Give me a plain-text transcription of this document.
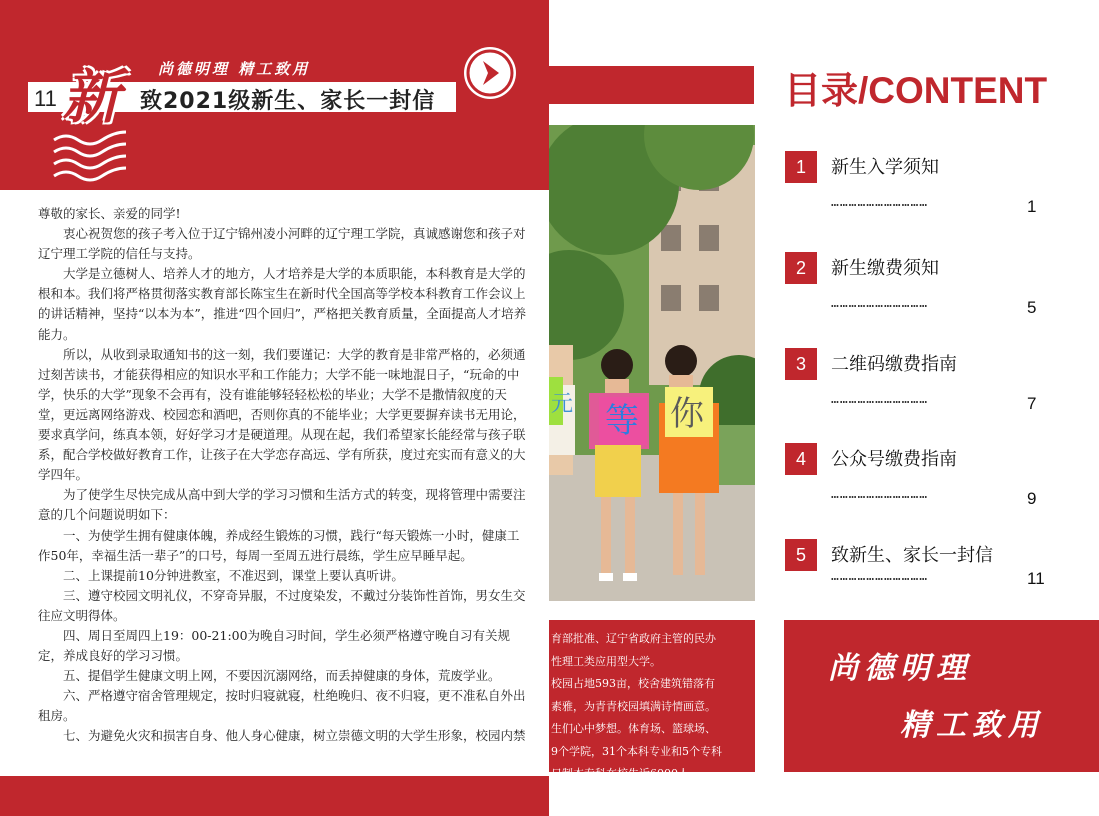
11 新	尚德明理 精工致用
致2021级新生、家长一封信

尊敬的家长、亲爱的同学!

衷心祝贺您的孩子考入位于辽宁锦州凌小河畔的辽宁理工学院，真诚感谢您和孩子对辽宁理工学院的信任与支持。

大学是立德树人、培养人才的地方，人才培养是大学的本质职能，本科教育是大学的根和本。我们将严格贯彻落实教育部长陈宝生在新时代全国高等学校本科教育工作会议上的讲话精神，坚持“以本为本”，推进“四个回归”，严格把关教育质量，全面提高人才培养能力。

所以，从收到录取通知书的这一刻，我们要谨记：大学的教育是非常严格的，必须通过刻苦读书，才能获得相应的知识水平和工作能力；大学不能一味地混日子，“玩命的中学，快乐的大学”现象不会再有，没有谁能够轻轻松松的毕业；大学不是撒情叙度的天堂，更远离网络游戏、校园恋和酒吧，否则你真的不能毕业；大学更要摒弃读书无用论，要求真学问，练真本领，好好学习才是硬道理。从现在起，我们希望家长能经常与孩子联系，配合学校做好教育工作，让孩子在大学恋存高远、学有所获，度过充实而有意义的大学四年。

为了使学生尽快完成从高中到大学的学习习惯和生活方式的转变，现将管理中需要注意的几个问题说明如下：

一、为使学生拥有健康体魄，养成经生锻炼的习惯，践行“每天锻炼一小时，健康工作50年，幸福生活一辈子”的口号，每周一至周五进行晨练，学生应早睡早起。

二、上课提前10分钟进教室，不准迟到，课堂上要认真听讲。

三、遵守校园文明礼仪，不穿奇异服，不过度染发，不戴过分装饰性首饰，男女生交往应文明得体。

四、周日至周四上19：00-21:00为晚自习时间，学生必须严格遵守晚自习有关规定，养成良好的学习习惯。

五、提倡学生健康文明上网，不要因沉溺网络，而丢掉健康的身体，荒废学业。

六、严格遵守宿舍管理规定，按时归寝就寝，杜绝晚归、夜不归寝，更不准私自外出租房。

七、为避免火灾和损害自身、他人身心健康，树立崇德文明的大学生形象，校园内禁

元 等 你
育部批准、辽宁省政府主管的民办
性理工类应用型大学。
校园占地593亩，校舍建筑错落有
素雅，为青青校园填满诗情画意。
生们心中梦想。体育场、篮球场、
9个学院，31个本科专业和5个专科
日制本专科在校生近6000人。
目录/CONTENT
1	新生入学须知
……………………………	1
2	新生缴费须知
……………………………	5
3	二维码缴费指南
……………………………	7
4	公众号缴费指南
……………………………	9
5	致新生、家长一封信
……………………………	11
尚德明理
精工致用
